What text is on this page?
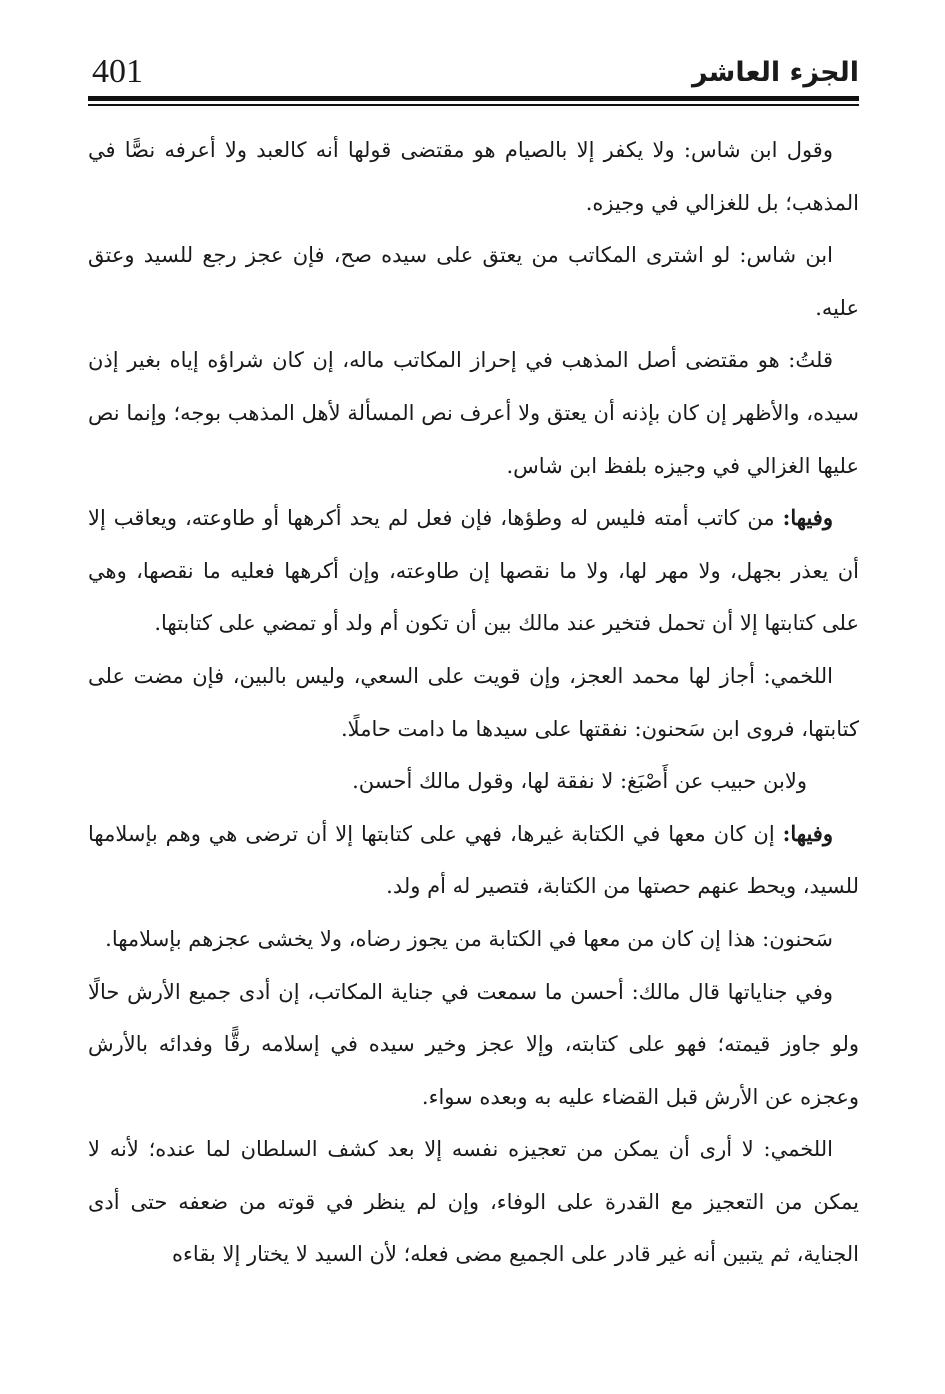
401	الجزء العاشر

وقول ابن شاس: ولا يكفر إلا بالصيام هو مقتضى قولها أنه كالعبد ولا أعرفه نصًّا في المذهب؛ بل للغزالي في وجيزه.

ابن شاس: لو اشترى المكاتب من يعتق على سيده صح، فإن عجز رجع للسيد وعتق عليه.

قلتُ: هو مقتضى أصل المذهب في إحراز المكاتب ماله، إن كان شراؤه إياه بغير إذن سيده، والأظهر إن كان بإذنه أن يعتق ولا أعرف نص المسألة لأهل المذهب بوجه؛ وإنما نص عليها الغزالي في وجيزه بلفظ ابن شاس.

وفيها: من كاتب أمته فليس له وطؤها، فإن فعل لم يحد أكرهها أو طاوعته، ويعاقب إلا أن يعذر بجهل، ولا مهر لها، ولا ما نقصها إن طاوعته، وإن أكرهها فعليه ما نقصها، وهي على كتابتها إلا أن تحمل فتخير عند مالك بين أن تكون أم ولد أو تمضي على كتابتها.

اللخمي: أجاز لها محمد العجز، وإن قويت على السعي، وليس بالبين، فإن مضت على كتابتها، فروى ابن سَحنون: نفقتها على سيدها ما دامت حاملًا.

ولابن حبيب عن أَصْبَغ: لا نفقة لها، وقول مالك أحسن.

وفيها: إن كان معها في الكتابة غيرها، فهي على كتابتها إلا أن ترضى هي وهم بإسلامها للسيد، ويحط عنهم حصتها من الكتابة، فتصير له أم ولد.

سَحنون: هذا إن كان من معها في الكتابة من يجوز رضاه، ولا يخشى عجزهم بإسلامها.

وفي جناياتها قال مالك: أحسن ما سمعت في جناية المكاتب، إن أدى جميع الأرش حالًا ولو جاوز قيمته؛ فهو على كتابته، وإلا عجز وخير سيده في إسلامه رقًّا وفدائه بالأرش وعجزه عن الأرش قبل القضاء عليه به وبعده سواء.

اللخمي: لا أرى أن يمكن من تعجيزه نفسه إلا بعد كشف السلطان لما عنده؛ لأنه لا يمكن من التعجيز مع القدرة على الوفاء، وإن لم ينظر في قوته من ضعفه حتى أدى الجناية، ثم يتبين أنه غير قادر على الجميع مضى فعله؛ لأن السيد لا يختار إلا بقاءه
